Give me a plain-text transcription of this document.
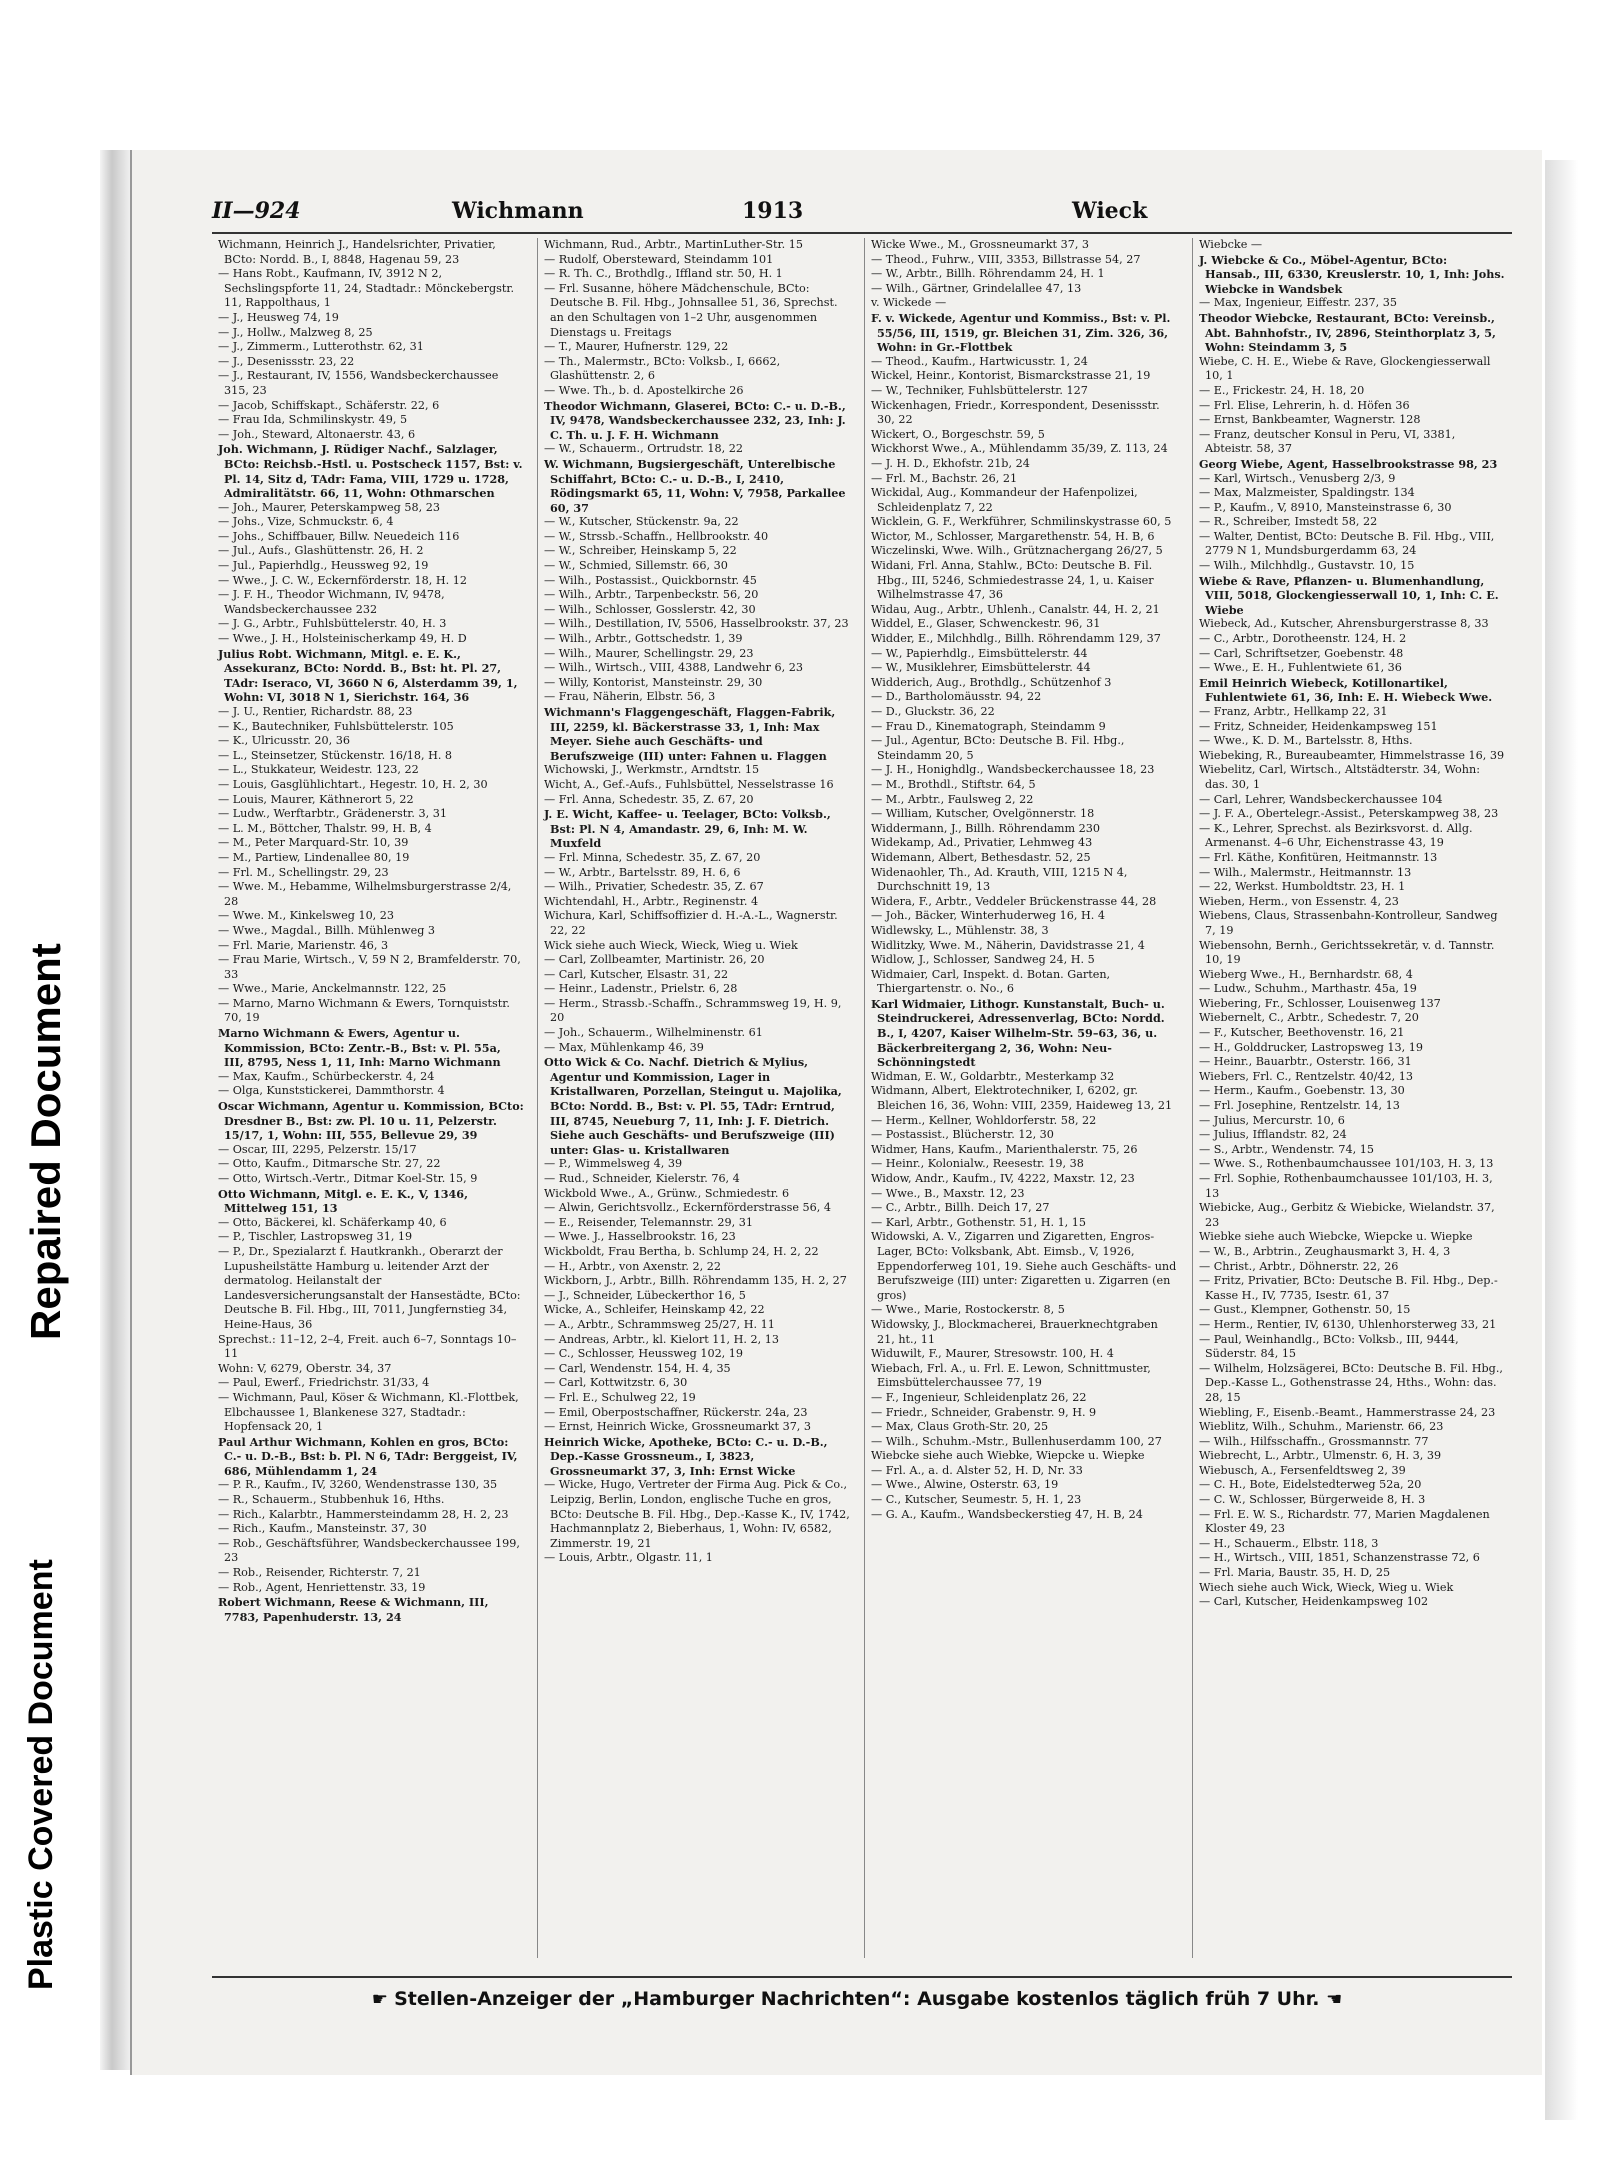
Plastic Covered Document
Repaired Document
II—924	Wichmann	1913	Wieck
Wichmann, Heinrich J., Handelsrichter, Privatier, BCto: Nordd. B., I, 8848, Hagenau 59, 23
— Hans Robt., Kaufmann, IV, 3912 N 2, Sechslingspforte 11, 24, Stadtadr.: Mönckebergstr. 11, Rappolthaus, 1
— J., Heusweg 74, 19
— J., Hollw., Malzweg 8, 25
— J., Zimmerm., Lutterothstr. 62, 31
— J., Desenissstr. 23, 22
— J., Restaurant, IV, 1556, Wandsbeckerchaussee 315, 23
— Jacob, Schiffskapt., Schäferstr. 22, 6
— Frau Ida, Schmilinskystr. 49, 5
— Joh., Steward, Altonaerstr. 43, 6
Joh. Wichmann, J. Rüdiger Nachf., Salzlager, BCto: Reichsb.-Hstl. u. Postscheck 1157, Bst: v. Pl. 14, Sitz d, TAdr: Fama, VIII, 1729 u. 1728, Admiralitätstr. 66, 11, Wohn: Othmarschen
— Joh., Maurer, Peterskampweg 58, 23
— Johs., Vize, Schmuckstr. 6, 4
— Johs., Schiffbauer, Billw. Neuedeich 116
— Jul., Aufs., Glashüttenstr. 26, H. 2
— Jul., Papierhdlg., Heussweg 92, 19
— Wwe., J. C. W., Eckernförderstr. 18, H. 12
— J. F. H., Theodor Wichmann, IV, 9478, Wandsbeckerchaussee 232
— J. G., Arbtr., Fuhlsbüttelerstr. 40, H. 3
— Wwe., J. H., Holsteinischerkamp 49, H. D
Julius Robt. Wichmann, Mitgl. e. E. K., Assekuranz, BCto: Nordd. B., Bst: ht. Pl. 27, TAdr: Iseraco, VI, 3660 N 6, Alsterdamm 39, 1, Wohn: VI, 3018 N 1, Sierichstr. 164, 36
— J. U., Rentier, Richardstr. 88, 23
— K., Bautechniker, Fuhlsbüttelerstr. 105
— K., Ulricusstr. 20, 36
— L., Steinsetzer, Stückenstr. 16/18, H. 8
— L., Stukkateur, Weidestr. 123, 22
— Louis, Gasglühlichtart., Hegestr. 10, H. 2, 30
— Louis, Maurer, Käthnerort 5, 22
— Ludw., Werftarbtr., Grädenerstr. 3, 31
— L. M., Böttcher, Thalstr. 99, H. B, 4
— M., Peter Marquard-Str. 10, 39
— M., Partiew, Lindenallee 80, 19
— Frl. M., Schellingstr. 29, 23
— Wwe. M., Hebamme, Wilhelmsburgerstrasse 2/4, 28
— Wwe. M., Kinkelsweg 10, 23
— Wwe., Magdal., Billh. Mühlenweg 3
— Frl. Marie, Marienstr. 46, 3
— Frau Marie, Wirtsch., V, 59 N 2, Bramfelderstr. 70, 33
— Wwe., Marie, Anckelmannstr. 122, 25
— Marno, Marno Wichmann & Ewers, Tornquiststr. 70, 19
Marno Wichmann & Ewers, Agentur u. Kommission, BCto: Zentr.-B., Bst: v. Pl. 55a, III, 8795, Ness 1, 11, Inh: Marno Wichmann
— Max, Kaufm., Schürbeckerstr. 4, 24
— Olga, Kunststickerei, Dammthorstr. 4
Oscar Wichmann, Agentur u. Kommission, BCto: Dresdner B., Bst: zw. Pl. 10 u. 11, Pelzerstr. 15/17, 1, Wohn: III, 555, Bellevue 29, 39
— Oscar, III, 2295, Pelzerstr. 15/17
— Otto, Kaufm., Ditmarsche Str. 27, 22
— Otto, Wirtsch.-Vertr., Ditmar Koel-Str. 15, 9
Otto Wichmann, Mitgl. e. E. K., V, 1346, Mittelweg 151, 13
— Otto, Bäckerei, kl. Schäferkamp 40, 6
— P., Tischler, Lastropsweg 31, 19
— P., Dr., Spezialarzt f. Hautkrankh., Oberarzt der Lupusheilstätte Hamburg u. leitender Arzt der dermatolog. Heilanstalt der Landesversicherungsanstalt der Hansestädte, BCto: Deutsche B. Fil. Hbg., III, 7011, Jungfernstieg 34, Heine-Haus, 36
Sprechst.: 11–12, 2–4, Freit. auch 6–7, Sonntags 10–11
Wohn: V, 6279, Oberstr. 34, 37
— Paul, Ewerf., Friedrichstr. 31/33, 4
— Wichmann, Paul, Köser & Wichmann, Kl.-Flottbek, Elbchaussee 1, Blankenese 327, Stadtadr.: Hopfensack 20, 1
Paul Arthur Wichmann, Kohlen en gros, BCto: C.- u. D.-B., Bst: b. Pl. N 6, TAdr: Berggeist, IV, 686, Mühlendamm 1, 24
— P. R., Kaufm., IV, 3260, Wendenstrasse 130, 35
— R., Schauerm., Stubbenhuk 16, Hths.
— Rich., Kalarbtr., Hammersteindamm 28, H. 2, 23
— Rich., Kaufm., Mansteinstr. 37, 30
— Rob., Geschäftsführer, Wandsbeckerchaussee 199, 23
— Rob., Reisender, Richterstr. 7, 21
— Rob., Agent, Henriettenstr. 33, 19
Robert Wichmann, Reese & Wichmann, III, 7783, Papenhuderstr. 13, 24
Wichmann, Rud., Arbtr., MartinLuther-Str. 15
— Rudolf, Obersteward, Steindamm 101
— R. Th. C., Brothdlg., Iffland str. 50, H. 1
— Frl. Susanne, höhere Mädchenschule, BCto: Deutsche B. Fil. Hbg., Johnsallee 51, 36, Sprechst. an den Schultagen von 1–2 Uhr, ausgenommen Dienstags u. Freitags
— T., Maurer, Hufnerstr. 129, 22
— Th., Malermstr., BCto: Volksb., I, 6662, Glashüttenstr. 2, 6
— Wwe. Th., b. d. Apostelkirche 26
Theodor Wichmann, Glaserei, BCto: C.- u. D.-B., IV, 9478, Wandsbeckerchaussee 232, 23, Inh: J. C. Th. u. J. F. H. Wichmann
— W., Schauerm., Ortrudstr. 18, 22
W. Wichmann, Bugsiergeschäft, Unterelbische Schiffahrt, BCto: C.- u. D.-B., I, 2410, Rödingsmarkt 65, 11, Wohn: V, 7958, Parkallee 60, 37
— W., Kutscher, Stückenstr. 9a, 22
— W., Strssb.-Schaffn., Hellbrookstr. 40
— W., Schreiber, Heinskamp 5, 22
— W., Schmied, Sillemstr. 66, 30
— Wilh., Postassist., Quickbornstr. 45
— Wilh., Arbtr., Tarpenbeckstr. 56, 20
— Wilh., Schlosser, Gosslerstr. 42, 30
— Wilh., Destillation, IV, 5506, Hasselbrookstr. 37, 23
— Wilh., Arbtr., Gottschedstr. 1, 39
— Wilh., Maurer, Schellingstr. 29, 23
— Wilh., Wirtsch., VIII, 4388, Landwehr 6, 23
— Willy, Kontorist, Mansteinstr. 29, 30
— Frau, Näherin, Elbstr. 56, 3
Wichmann's Flaggengeschäft, Flaggen-Fabrik, III, 2259, kl. Bäckerstrasse 33, 1, Inh: Max Meyer. Siehe auch Geschäfts- und Berufszweige (III) unter: Fahnen u. Flaggen
Wichowski, J., Werkmstr., Arndtstr. 15
Wicht, A., Gef.-Aufs., Fuhlsbüttel, Nesselstrasse 16
— Frl. Anna, Schedestr. 35, Z. 67, 20
J. E. Wicht, Kaffee- u. Teelager, BCto: Volksb., Bst: Pl. N 4, Amandastr. 29, 6, Inh: M. W. Muxfeld
— Frl. Minna, Schedestr. 35, Z. 67, 20
— W., Arbtr., Bartelsstr. 89, H. 6, 6
— Wilh., Privatier, Schedestr. 35, Z. 67
Wichtendahl, H., Arbtr., Reginenstr. 4
Wichura, Karl, Schiffsoffizier d. H.-A.-L., Wagnerstr. 22, 22
Wick siehe auch Wieck, Wieck, Wieg u. Wiek
— Carl, Zollbeamter, Martinistr. 26, 20
— Carl, Kutscher, Elsastr. 31, 22
— Heinr., Ladenstr., Prielstr. 6, 28
— Herm., Strassb.-Schaffn., Schrammsweg 19, H. 9, 20
— Joh., Schauerm., Wilhelminenstr. 61
— Max, Mühlenkamp 46, 39
Otto Wick & Co. Nachf. Dietrich & Mylius, Agentur und Kommission, Lager in Kristallwaren, Porzellan, Steingut u. Majolika, BCto: Nordd. B., Bst: v. Pl. 55, TAdr: Erntrud, III, 8745, Neueburg 7, 11, Inh: J. F. Dietrich. Siehe auch Geschäfts- und Berufszweige (III) unter: Glas- u. Kristallwaren
— P., Wimmelsweg 4, 39
— Rud., Schneider, Kielerstr. 76, 4
Wickbold Wwe., A., Grünw., Schmiedestr. 6
— Alwin, Gerichtsvollz., Eckernförderstrasse 56, 4
— E., Reisender, Telemannstr. 29, 31
— Wwe. J., Hasselbrookstr. 16, 23
Wickboldt, Frau Bertha, b. Schlump 24, H. 2, 22
— H., Arbtr., von Axenstr. 2, 22
Wickborn, J., Arbtr., Billh. Röhrendamm 135, H. 2, 27
— J., Schneider, Lübeckerthor 16, 5
Wicke, A., Schleifer, Heinskamp 42, 22
— A., Arbtr., Schrammsweg 25/27, H. 11
— Andreas, Arbtr., kl. Kielort 11, H. 2, 13
— C., Schlosser, Heussweg 102, 19
— Carl, Wendenstr. 154, H. 4, 35
— Carl, Kottwitzstr. 6, 30
— Frl. E., Schulweg 22, 19
— Emil, Oberpostschaffner, Rückerstr. 24a, 23
— Ernst, Heinrich Wicke, Grossneumarkt 37, 3
Heinrich Wicke, Apotheke, BCto: C.- u. D.-B., Dep.-Kasse Grossneum., I, 3823, Grossneumarkt 37, 3, Inh: Ernst Wicke
— Wicke, Hugo, Vertreter der Firma Aug. Pick & Co., Leipzig, Berlin, London, englische Tuche en gros, BCto: Deutsche B. Fil. Hbg., Dep.-Kasse K., IV, 1742, Hachmannplatz 2, Bieberhaus, 1, Wohn: IV, 6582, Zimmerstr. 19, 21
— Louis, Arbtr., Olgastr. 11, 1
Wicke Wwe., M., Grossneumarkt 37, 3
— Theod., Fuhrw., VIII, 3353, Billstrasse 54, 27
— W., Arbtr., Billh. Röhrendamm 24, H. 1
— Wilh., Gärtner, Grindelallee 47, 13
v. Wickede —
F. v. Wickede, Agentur und Kommiss., Bst: v. Pl. 55/56, III, 1519, gr. Bleichen 31, Zim. 326, 36, Wohn: in Gr.-Flottbek
— Theod., Kaufm., Hartwicusstr. 1, 24
Wickel, Heinr., Kontorist, Bismarckstrasse 21, 19
— W., Techniker, Fuhlsbüttelerstr. 127
Wickenhagen, Friedr., Korrespondent, Desenissstr. 30, 22
Wickert, O., Borgeschstr. 59, 5
Wickhorst Wwe., A., Mühlendamm 35/39, Z. 113, 24
— J. H. D., Ekhofstr. 21b, 24
— Frl. M., Bachstr. 26, 21
Wickidal, Aug., Kommandeur der Hafenpolizei, Schleidenplatz 7, 22
Wicklein, G. F., Werkführer, Schmilinskystrasse 60, 5
Wictor, M., Schlosser, Margarethenstr. 54, H. B, 6
Wiczelinski, Wwe. Wilh., Grütznachergang 26/27, 5
Widani, Frl. Anna, Stahlw., BCto: Deutsche B. Fil. Hbg., III, 5246, Schmiedestrasse 24, 1, u. Kaiser Wilhelmstrasse 47, 36
Widau, Aug., Arbtr., Uhlenh., Canalstr. 44, H. 2, 21
Widdel, E., Glaser, Schwenckestr. 96, 31
Widder, E., Milchhdlg., Billh. Röhrendamm 129, 37
— W., Papierhdlg., Eimsbüttelerstr. 44
— W., Musiklehrer, Eimsbüttelerstr. 44
Widderich, Aug., Brothdlg., Schützenhof 3
— D., Bartholomäusstr. 94, 22
— D., Gluckstr. 36, 22
— Frau D., Kinematograph, Steindamm 9
— Jul., Agentur, BCto: Deutsche B. Fil. Hbg., Steindamm 20, 5
— J. H., Honighdlg., Wandsbeckerchaussee 18, 23
— M., Brothdl., Stiftstr. 64, 5
— M., Arbtr., Faulsweg 2, 22
— William, Kutscher, Ovelgönnerstr. 18
Widdermann, J., Billh. Röhrendamm 230
Widekamp, Ad., Privatier, Lehmweg 43
Widemann, Albert, Bethesdastr. 52, 25
Widenaohler, Th., Ad. Krauth, VIII, 1215 N 4, Durchschnitt 19, 13
Widera, F., Arbtr., Veddeler Brückenstrasse 44, 28
— Joh., Bäcker, Winterhuderweg 16, H. 4
Widlewsky, L., Mühlenstr. 38, 3
Widlitzky, Wwe. M., Näherin, Davidstrasse 21, 4
Widlow, J., Schlosser, Sandweg 24, H. 5
Widmaier, Carl, Inspekt. d. Botan. Garten, Thiergartenstr. o. No., 6
Karl Widmaier, Lithogr. Kunstanstalt, Buch- u. Steindruckerei, Adressenverlag, BCto: Nordd. B., I, 4207, Kaiser Wilhelm-Str. 59–63, 36, u. Bäckerbreitergang 2, 36, Wohn: Neu-Schönningstedt
Widman, E. W., Goldarbtr., Mesterkamp 32
Widmann, Albert, Elektrotechniker, I, 6202, gr. Bleichen 16, 36, Wohn: VIII, 2359, Haideweg 13, 21
— Herm., Kellner, Wohldorferstr. 58, 22
— Postassist., Blücherstr. 12, 30
Widmer, Hans, Kaufm., Marienthalerstr. 75, 26
— Heinr., Kolonialw., Reesestr. 19, 38
Widow, Andr., Kaufm., IV, 4222, Maxstr. 12, 23
— Wwe., B., Maxstr. 12, 23
— C., Arbtr., Billh. Deich 17, 27
— Karl, Arbtr., Gothenstr. 51, H. 1, 15
Widowski, A. V., Zigarren und Zigaretten, Engros-Lager, BCto: Volksbank, Abt. Eimsb., V, 1926, Eppendorferweg 101, 19. Siehe auch Geschäfts- und Berufszweige (III) unter: Zigaretten u. Zigarren (en gros)
— Wwe., Marie, Rostockerstr. 8, 5
Widowsky, J., Blockmacherei, Brauerknechtgraben 21, ht., 11
Widuwilt, F., Maurer, Stresowstr. 100, H. 4
Wiebach, Frl. A., u. Frl. E. Lewon, Schnittmuster, Eimsbüttelerchaussee 77, 19
— F., Ingenieur, Schleidenplatz 26, 22
— Friedr., Schneider, Grabenstr. 9, H. 9
— Max, Claus Groth-Str. 20, 25
— Wilh., Schuhm.-Mstr., Bullenhuserdamm 100, 27
Wiebcke siehe auch Wiebke, Wiepcke u. Wiepke
— Frl. A., a. d. Alster 52, H. D, Nr. 33
— Wwe., Alwine, Osterstr. 63, 19
— C., Kutscher, Seumestr. 5, H. 1, 23
— G. A., Kaufm., Wandsbeckerstieg 47, H. B, 24
Wiebcke —
J. Wiebcke & Co., Möbel-Agentur, BCto: Hansab., III, 6330, Kreuslerstr. 10, 1, Inh: Johs. Wiebcke in Wandsbek
— Max, Ingenieur, Eiffestr. 237, 35
Theodor Wiebcke, Restaurant, BCto: Vereinsb., Abt. Bahnhofstr., IV, 2896, Steinthorplatz 3, 5, Wohn: Steindamm 3, 5
Wiebe, C. H. E., Wiebe & Rave, Glockengiesserwall 10, 1
— E., Frickestr. 24, H. 18, 20
— Frl. Elise, Lehrerin, h. d. Höfen 36
— Ernst, Bankbeamter, Wagnerstr. 128
— Franz, deutscher Konsul in Peru, VI, 3381, Abteistr. 58, 37
Georg Wiebe, Agent, Hasselbrookstrasse 98, 23
— Karl, Wirtsch., Venusberg 2/3, 9
— Max, Malzmeister, Spaldingstr. 134
— P., Kaufm., V, 8910, Mansteinstrasse 6, 30
— R., Schreiber, Imstedt 58, 22
— Walter, Dentist, BCto: Deutsche B. Fil. Hbg., VIII, 2779 N 1, Mundsburgerdamm 63, 24
— Wilh., Milchhdlg., Gustavstr. 10, 15
Wiebe & Rave, Pflanzen- u. Blumenhandlung, VIII, 5018, Glockengiesserwall 10, 1, Inh: C. E. Wiebe
Wiebeck, Ad., Kutscher, Ahrensburgerstrasse 8, 33
— C., Arbtr., Dorotheenstr. 124, H. 2
— Carl, Schriftsetzer, Goebenstr. 48
— Wwe., E. H., Fuhlentwiete 61, 36
Emil Heinrich Wiebeck, Kotillonartikel, Fuhlentwiete 61, 36, Inh: E. H. Wiebeck Wwe.
— Franz, Arbtr., Hellkamp 22, 31
— Fritz, Schneider, Heidenkampsweg 151
— Wwe., K. D. M., Bartelsstr. 8, Hths.
Wiebeking, R., Bureaubeamter, Himmelstrasse 16, 39
Wiebelitz, Carl, Wirtsch., Altstädterstr. 34, Wohn: das. 30, 1
— Carl, Lehrer, Wandsbeckerchaussee 104
— J. F. A., Obertelegr.-Assist., Peterskampweg 38, 23
— K., Lehrer, Sprechst. als Bezirksvorst. d. Allg. Armenanst. 4–6 Uhr, Eichenstrasse 43, 19
— Frl. Käthe, Konfitüren, Heitmannstr. 13
— Wilh., Malermstr., Heitmannstr. 13
— 22, Werkst. Humboldtstr. 23, H. 1
Wieben, Herm., von Essenstr. 4, 23
Wiebens, Claus, Strassenbahn-Kontrolleur, Sandweg 7, 19
Wiebensohn, Bernh., Gerichtssekretär, v. d. Tannstr. 10, 19
Wieberg Wwe., H., Bernhardstr. 68, 4
— Ludw., Schuhm., Marthastr. 45a, 19
Wiebering, Fr., Schlosser, Louisenweg 137
Wiebernelt, C., Arbtr., Schedestr. 7, 20
— F., Kutscher, Beethovenstr. 16, 21
— H., Golddrucker, Lastropsweg 13, 19
— Heinr., Bauarbtr., Osterstr. 166, 31
Wiebers, Frl. C., Rentzelstr. 40/42, 13
— Herm., Kaufm., Goebenstr. 13, 30
— Frl. Josephine, Rentzelstr. 14, 13
— Julius, Mercurstr. 10, 6
— Julius, Ifflandstr. 82, 24
— S., Arbtr., Wendenstr. 74, 15
— Wwe. S., Rothenbaumchaussee 101/103, H. 3, 13
— Frl. Sophie, Rothenbaumchaussee 101/103, H. 3, 13
Wiebicke, Aug., Gerbitz & Wiebicke, Wielandstr. 37, 23
Wiebke siehe auch Wiebcke, Wiepcke u. Wiepke
— W., B., Arbtrin., Zeughausmarkt 3, H. 4, 3
— Christ., Arbtr., Döhnerstr. 22, 26
— Fritz, Privatier, BCto: Deutsche B. Fil. Hbg., Dep.-Kasse H., IV, 7735, Isestr. 61, 37
— Gust., Klempner, Gothenstr. 50, 15
— Herm., Rentier, IV, 6130, Uhlenhorsterweg 33, 21
— Paul, Weinhandlg., BCto: Volksb., III, 9444, Süderstr. 84, 15
— Wilhelm, Holzsägerei, BCto: Deutsche B. Fil. Hbg., Dep.-Kasse L., Gothenstrasse 24, Hths., Wohn: das. 28, 15
Wiebling, F., Eisenb.-Beamt., Hammerstrasse 24, 23
Wieblitz, Wilh., Schuhm., Marienstr. 66, 23
— Wilh., Hilfsschaffn., Grossmannstr. 77
Wiebrecht, L., Arbtr., Ulmenstr. 6, H. 3, 39
Wiebusch, A., Fersenfeldtsweg 2, 39
— C. H., Bote, Eidelstedterweg 52a, 20
— C. W., Schlosser, Bürgerweide 8, H. 3
— Frl. E. W. S., Richardstr. 77, Marien Magdalenen Kloster 49, 23
— H., Schauerm., Elbstr. 118, 3
— H., Wirtsch., VIII, 1851, Schanzenstrasse 72, 6
— Frl. Maria, Baustr. 35, H. D, 25
Wiech siehe auch Wick, Wieck, Wieg u. Wiek
— Carl, Kutscher, Heidenkampsweg 102
☛ Stellen-Anzeiger der „Hamburger Nachrichten“: Ausgabe kostenlos täglich früh 7 Uhr. ☚
